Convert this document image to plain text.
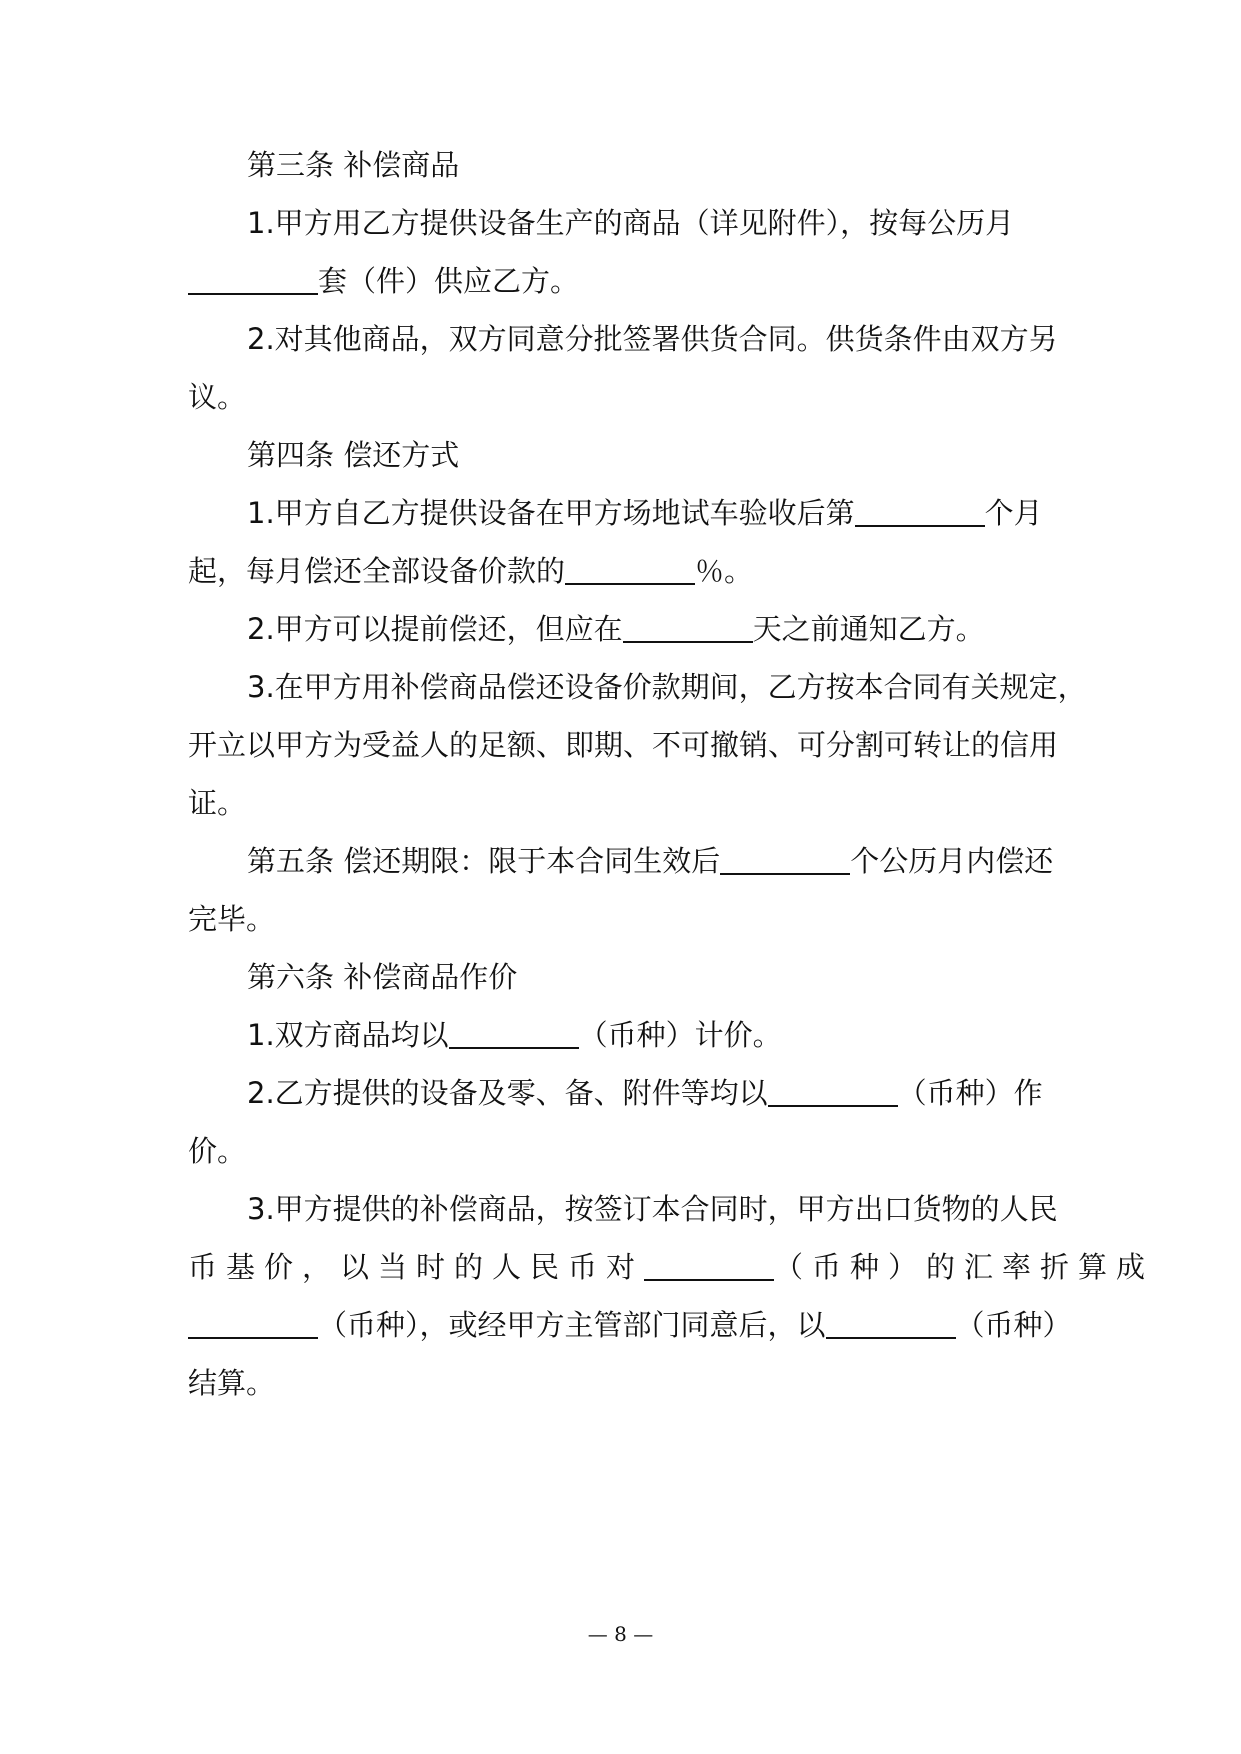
第三条 补偿商品
1.甲方用乙方提供设备生产的商品（详见附件），按每公历月
套（件）供应乙方。
2.对其他商品，双方同意分批签署供货合同。供货条件由双方另
议。
第四条 偿还方式
1.甲方自乙方提供设备在甲方场地试车验收后第	个月
起，每月偿还全部设备价款的	％。
2.甲方可以提前偿还，但应在	天之前通知乙方。
3.在甲方用补偿商品偿还设备价款期间，乙方按本合同有关规定，
开立以甲方为受益人的足额、即期、不可撤销、可分割可转让的信用
证。
第五条 偿还期限：限于本合同生效后	个公历月内偿还
完毕。
第六条 补偿商品作价
1.双方商品均以	（币种）计价。
2.乙方提供的设备及零、备、附件等均以	（币种）作
价。
3.甲方提供的补偿商品，按签订本合同时，甲方出口货物的人民
币基价，以当时的人民币对	（币种）的汇率折算成
（币种），或经甲方主管部门同意后，以	（币种）
结算。
— 8 —
